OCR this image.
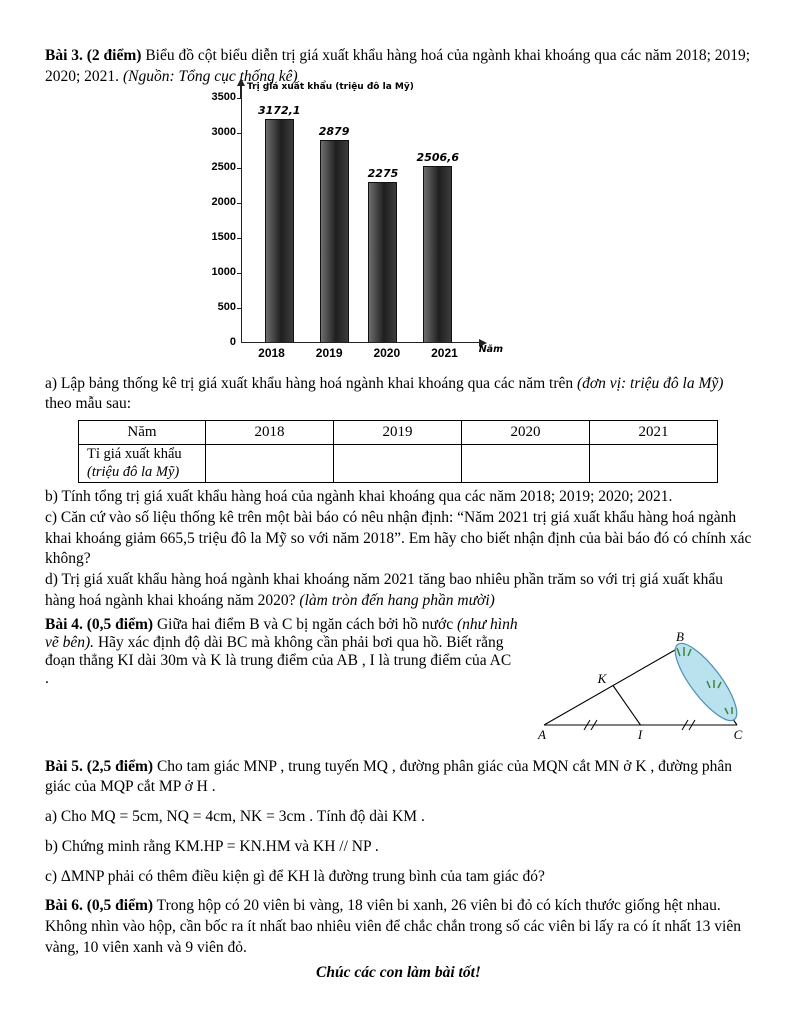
Bài 3. (2 điểm) Biểu đồ cột biểu diễn trị giá xuất khẩu hàng hoá của ngành khai khoáng qua các năm 2018; 2019; 2020; 2021. (Nguồn: Tổng cục thống kê)

Trị giá xuất khẩu (triệu đô la Mỹ)
Năm
3172,1
2879
2275
2506,6
0
500
1000
1500
2000
2500
3000
3500
2018	2019	2020	2021

a) Lập bảng thống kê trị giá xuất khẩu hàng hoá ngành khai khoáng qua các năm trên (đơn vị: triệu đô la Mỹ) theo mẫu sau:

Năm	2018	2019	2020	2021
Tỉ giá xuất khẩu
(triệu đô la Mỹ)				

b) Tính tổng trị giá xuất khẩu hàng hoá của ngành khai khoáng qua các năm 2018; 2019; 2020; 2021.

c) Căn cứ vào số liệu thống kê trên một bài báo có nêu nhận định: “Năm 2021 trị giá xuất khẩu hàng hoá ngành khai khoáng giảm 665,5 triệu đô la Mỹ so với năm 2018”. Em hãy cho biết nhận định của bài báo đó có chính xác không?

d) Trị giá xuất khẩu hàng hoá ngành khai khoáng năm 2021 tăng bao nhiêu phần trăm so với trị giá xuất khẩu hàng hoá ngành khai khoáng năm 2020? (làm tròn đến hang phần mười)

Bài 4. (0,5 điểm) Giữa hai điểm B và C bị ngăn cách bởi hồ nước (như hình vẽ bên). Hãy xác định độ dài BC mà không cần phải bơi qua hồ. Biết rằng đoạn thẳng KI dài 30m và K là trung điểm của AB , I là trung điểm của AC .
B
K
A	I	C

Bài 5. (2,5 điểm) Cho tam giác MNP , trung tuyến MQ , đường phân giác của MQN cắt MN ở K , đường phân giác của MQP cắt MP ở H .

a) Cho MQ = 5cm, NQ = 4cm, NK = 3cm . Tính độ dài KM .

b) Chứng minh rằng KM.HP = KN.HM và KH // NP .

c) ΔMNP phải có thêm điều kiện gì để KH là đường trung bình của tam giác đó?

Bài 6. (0,5 điểm) Trong hộp có 20 viên bi vàng, 18 viên bi xanh, 26 viên bi đỏ có kích thước giống hệt nhau. Không nhìn vào hộp, cần bốc ra ít nhất bao nhiêu viên để chắc chắn trong số các viên bi lấy ra có ít nhất 13 viên vàng, 10 viên xanh và 9 viên đỏ.

Chúc các con làm bài tốt!
